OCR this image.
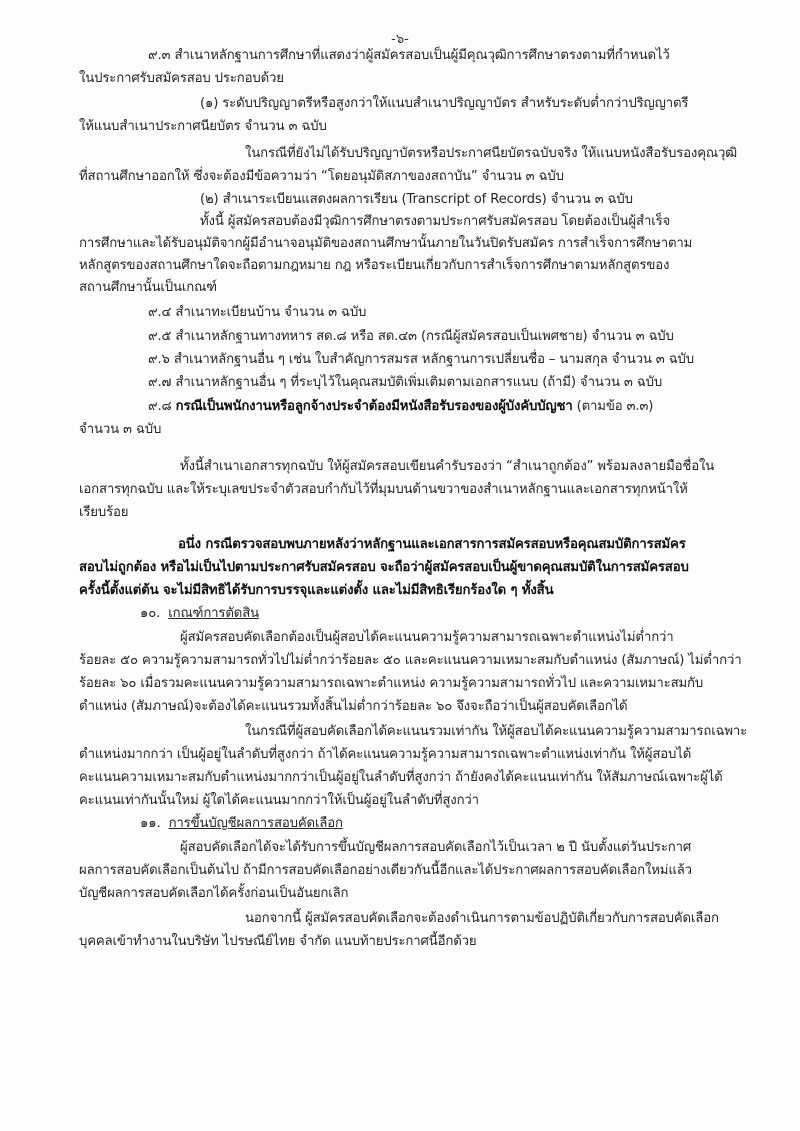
-๖-
๙.๓ สำเนาหลักฐานการศึกษาที่แสดงว่าผู้สมัครสอบเป็นผู้มีคุณวุฒิการศึกษาตรงตามที่กำหนดไว้
ในประกาศรับสมัครสอบ ประกอบด้วย
(๑) ระดับปริญญาตรีหรือสูงกว่าให้แนบสำเนาปริญญาบัตร สำหรับระดับต่ำกว่าปริญญาตรี
ให้แนบสำเนาประกาศนียบัตร จำนวน ๓ ฉบับ
ในกรณีที่ยังไม่ได้รับปริญญาบัตรหรือประกาศนียบัตรฉบับจริง ให้แนบหนังสือรับรองคุณวุฒิ
ที่สถานศึกษาออกให้ ซึ่งจะต้องมีข้อความว่า “โดยอนุมัติสภาของสถาบัน” จำนวน ๓ ฉบับ
(๒) สำเนาระเบียนแสดงผลการเรียน (Transcript of Records) จำนวน ๓ ฉบับ
ทั้งนี้ ผู้สมัครสอบต้องมีวุฒิการศึกษาตรงตามประกาศรับสมัครสอบ โดยต้องเป็นผู้สำเร็จ
การศึกษาและได้รับอนุมัติจากผู้มีอำนาจอนุมัติของสถานศึกษานั้นภายในวันปิดรับสมัคร การสำเร็จการศึกษาตาม
หลักสูตรของสถานศึกษาใดจะถือตามกฎหมาย กฎ หรือระเบียนเกี่ยวกับการสำเร็จการศึกษาตามหลักสูตรของ
สถานศึกษานั้นเป็นเกณฑ์
๙.๔ สำเนาทะเบียนบ้าน จำนวน ๓ ฉบับ
๙.๕ สำเนาหลักฐานทางทหาร สด.๘ หรือ สด.๔๓ (กรณีผู้สมัครสอบเป็นเพศชาย) จำนวน ๓ ฉบับ
๙.๖ สำเนาหลักฐานอื่น ๆ เช่น ใบสำคัญการสมรส หลักฐานการเปลี่ยนชื่อ – นามสกุล จำนวน ๓ ฉบับ
๙.๗ สำเนาหลักฐานอื่น ๆ ที่ระบุไว้ในคุณสมบัติเพิ่มเติมตามเอกสารแนบ (ถ้ามี) จำนวน ๓ ฉบับ
๙.๘ กรณีเป็นพนักงานหรือลูกจ้างประจำต้องมีหนังสือรับรองของผู้บังคับบัญชา (ตามข้อ ๓.๓)
จำนวน ๓ ฉบับ
ทั้งนี้สำเนาเอกสารทุกฉบับ ให้ผู้สมัครสอบเขียนคำรับรองว่า “สำเนาถูกต้อง” พร้อมลงลายมือชื่อใน
เอกสารทุกฉบับ และให้ระบุเลขประจำตัวสอบกำกับไว้ที่มุมบนด้านขวาของสำเนาหลักฐานและเอกสารทุกหน้าให้
เรียบร้อย
อนึ่ง กรณีตรวจสอบพบภายหลังว่าหลักฐานและเอกสารการสมัครสอบหรือคุณสมบัติการสมัคร
สอบไม่ถูกต้อง หรือไม่เป็นไปตามประกาศรับสมัครสอบ จะถือว่าผู้สมัครสอบเป็นผู้ขาดคุณสมบัติในการสมัครสอบ
ครั้งนี้ตั้งแต่ต้น จะไม่มีสิทธิได้รับการบรรจุและแต่งตั้ง และไม่มีสิทธิเรียกร้องใด ๆ ทั้งสิ้น
๑๐. เกณฑ์การตัดสิน
ผู้สมัครสอบคัดเลือกต้องเป็นผู้สอบได้คะแนนความรู้ความสามารถเฉพาะตำแหน่งไม่ต่ำกว่า
ร้อยละ ๕๐ ความรู้ความสามารถทั่วไปไม่ต่ำกว่าร้อยละ ๕๐ และคะแนนความเหมาะสมกับตำแหน่ง (สัมภาษณ์) ไม่ต่ำกว่า
ร้อยละ ๖๐ เมื่อรวมคะแนนความรู้ความสามารถเฉพาะตำแหน่ง ความรู้ความสามารถทั่วไป และความเหมาะสมกับ
ตำแหน่ง (สัมภาษณ์)จะต้องได้คะแนนรวมทั้งสิ้นไม่ต่ำกว่าร้อยละ ๖๐ จึงจะถือว่าเป็นผู้สอบคัดเลือกได้
ในกรณีที่ผู้สอบคัดเลือกได้คะแนนรวมเท่ากัน ให้ผู้สอบได้คะแนนความรู้ความสามารถเฉพาะ
ตำแหน่งมากกว่า เป็นผู้อยู่ในลำดับที่สูงกว่า ถ้าได้คะแนนความรู้ความสามารถเฉพาะตำแหน่งเท่ากัน ให้ผู้สอบได้
คะแนนความเหมาะสมกับตำแหน่งมากกว่าเป็นผู้อยู่ในลำดับที่สูงกว่า ถ้ายังคงได้คะแนนเท่ากัน ให้สัมภาษณ์เฉพาะผู้ได้
คะแนนเท่ากันนั้นใหม่ ผู้ใดได้คะแนนมากกว่าให้เป็นผู้อยู่ในลำดับที่สูงกว่า
๑๑. การขึ้นบัญชีผลการสอบคัดเลือก
ผู้สอบคัดเลือกได้จะได้รับการขึ้นบัญชีผลการสอบคัดเลือกไว้เป็นเวลา ๒ ปี นับตั้งแต่วันประกาศ
ผลการสอบคัดเลือกเป็นต้นไป ถ้ามีการสอบคัดเลือกอย่างเดียวกันนี้อีกและได้ประกาศผลการสอบคัดเลือกใหม่แล้ว
บัญชีผลการสอบคัดเลือกได้ครั้งก่อนเป็นอันยกเลิก
นอกจากนี้ ผู้สมัครสอบคัดเลือกจะต้องดำเนินการตามข้อปฏิบัติเกี่ยวกับการสอบคัดเลือก
บุคคลเข้าทำงานในบริษัท ไปรษณีย์ไทย จำกัด แนบท้ายประกาศนี้อีกด้วย
